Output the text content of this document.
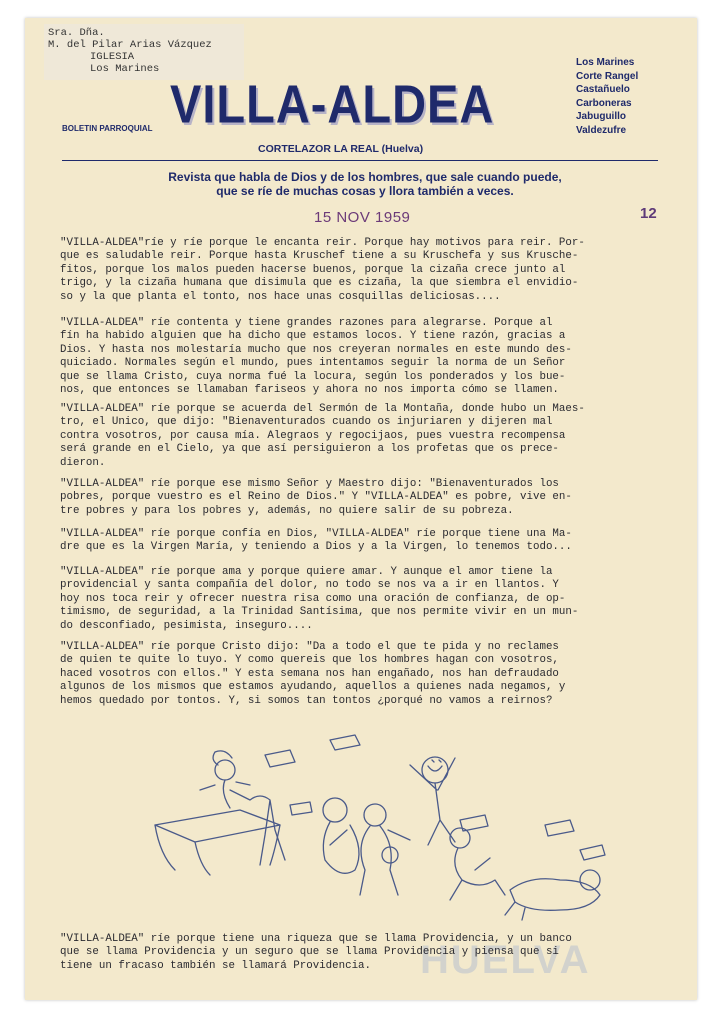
Sra. Dña.
M. del Pilar Arias Vázquez
IGLESIA
Los Marines
BOLETIN PARROQUIAL VILLA-ALDEA
Los Marines
Corte Rangel
Castañuelo
Carboneras
Jabuguillo
Valdezufre
CORTELAZOR LA REAL (Huelva)
Revista que habla de Dios y de los hombres, que sale cuando puede,
que se ríe de muchas cosas y llora también a veces.
15 NOV 1959	12
"VILLA-ALDEA"ríe y ríe porque le encanta reir. Porque hay motivos para reir. Por-
que es saludable reir. Porque hasta Kruschef tiene a su Kruschefa y sus Krusche-
fitos, porque los malos pueden hacerse buenos, porque la cizaña crece junto al
trigo, y la cizaña humana que disimula que es cizaña, la que siembra el envidio-
so y la que planta el tonto, nos hace unas cosquillas deliciosas....
"VILLA-ALDEA" ríe contenta y tiene grandes razones para alegrarse. Porque al
fín ha habido alguien que ha dicho que estamos locos. Y tiene razón, gracias a
Dios. Y hasta nos molestaría mucho que nos creyeran normales en este mundo des-
quiciado. Normales según el mundo, pues intentamos seguir la norma de un Señor
que se llama Cristo, cuya norma fué la locura, según los ponderados y los bue-
nos, que entonces se llamaban fariseos y ahora no nos importa cómo se llamen.
"VILLA-ALDEA" ríe porque se acuerda del Sermón de la Montaña, donde hubo un Maes-
tro, el Unico, que dijo: "Bienaventurados cuando os injuriaren y dijeren mal
contra vosotros, por causa mía. Alegraos y regocijaos, pues vuestra recompensa
será grande en el Cielo, ya que así persiguieron a los profetas que os prece-
dieron.
"VILLA-ALDEA" ríe porque ese mismo Señor y Maestro dijo: "Bienaventurados los
pobres, porque vuestro es el Reino de Dios." Y "VILLA-ALDEA" es pobre, vive en-
tre pobres y para los pobres y, además, no quiere salir de su pobreza.
"VILLA-ALDEA" ríe porque confía en Dios, "VILLA-ALDEA" ríe porque tiene una Ma-
dre que es la Virgen María, y teniendo a Dios y a la Virgen, lo tenemos todo...
"VILLA-ALDEA" ríe porque ama y porque quiere amar. Y aunque el amor tiene la
providencial y santa compañía del dolor, no todo se nos va a ir en llantos. Y
hoy nos toca reir y ofrecer nuestra risa como una oración de confianza, de op-
timismo, de seguridad, a la Trinidad Santísima, que nos permite vivir en un mun-
do desconfiado, pesimista, inseguro....
"VILLA-ALDEA" ríe porque Cristo dijo: "Da a todo el que te pida y no reclames
de quien te quite lo tuyo. Y como quereis que los hombres hagan con vosotros,
haced vosotros con ellos." Y esta semana nos han engañado, nos han defraudado
algunos de los mismos que estamos ayudando, aquellos a quienes nada negamos, y
hemos quedado por tontos. Y, si somos tan tontos ¿porqué no vamos a reirnos?
HUELVA
"VILLA-ALDEA" ríe porque tiene una riqueza que se llama Providencia, y un banco
que se llama Providencia y un seguro que se llama Providencia y piensa que si
tiene un fracaso también se llamará Providencia.
